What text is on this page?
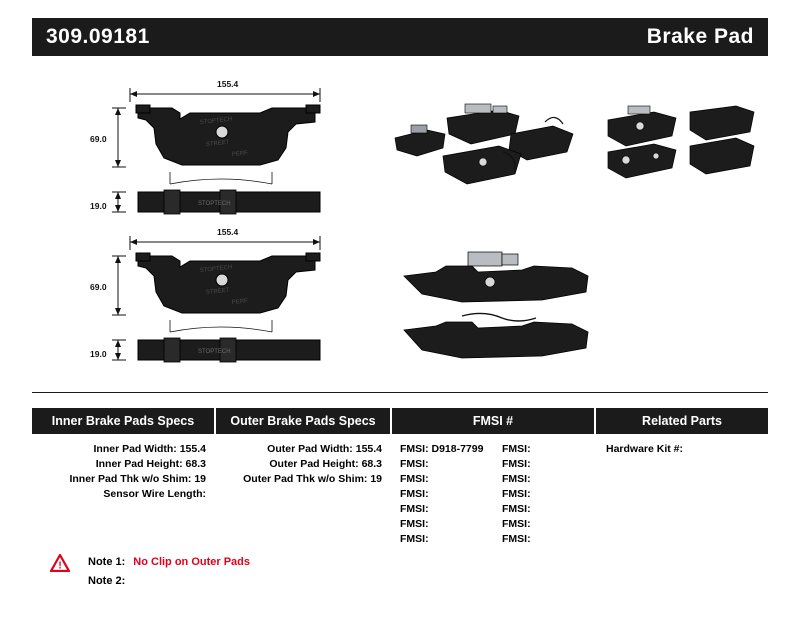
309.09181	Brake Pad
STOPTECH
STREET
PERF.
STOPTECH
155.4
69.0
19.0
STOPTECH
STREET
PERF.
STOPTECH
155.4
69.0
19.0
Inner Brake Pads Specs
Inner Pad Width: 155.4
Inner Pad Height: 68.3
Inner Pad Thk w/o Shim: 19
Sensor Wire Length:
Outer Brake Pads Specs
Outer Pad Width: 155.4
Outer Pad Height: 68.3
Outer Pad Thk w/o Shim: 19
FMSI #
FMSI: D918-7799
FMSI:
FMSI:
FMSI:
FMSI:
FMSI:
FMSI:
FMSI:
FMSI:
FMSI:
FMSI:
FMSI:
FMSI:
FMSI:
Related Parts
Hardware Kit #:
! Note 1: No Clip on Outer Pads
Note 2:
